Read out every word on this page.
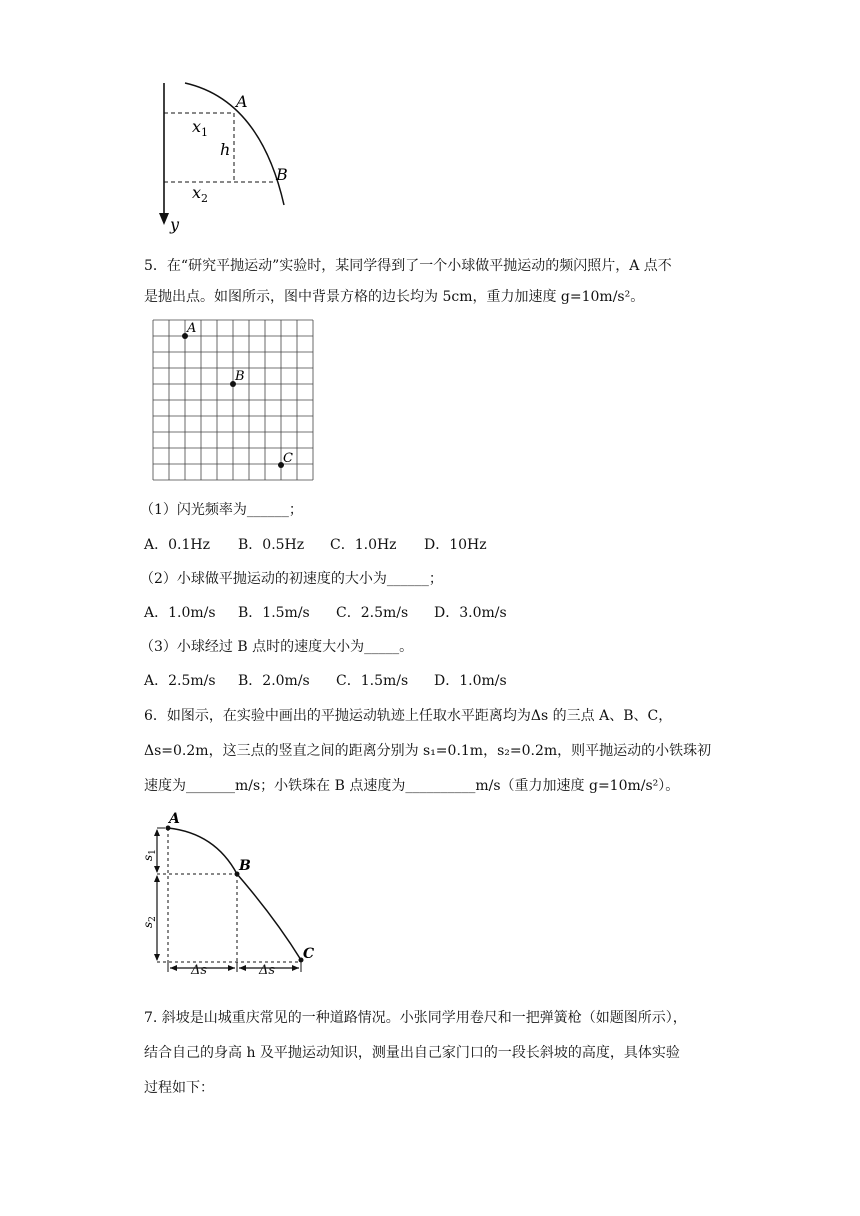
A
B
$x_1$
h
$x_2$
y
5．在“研究平抛运动”实验时，某同学得到了一个小球做平抛运动的频闪照片，A 点不
是抛出点。如图所示，图中背景方格的边长均为 5cm，重力加速度 g=10m/s²。
A
B
C
（1）闪光频率为______；
A．0.1Hz B．0.5Hz C．1.0Hz D．10Hz
（2）小球做平抛运动的初速度的大小为______；
A．1.0m/s B．1.5m/s C．2.5m/s D．3.0m/s
（3）小球经过 B 点时的速度大小为_____。
A．2.5m/s B．2.0m/s C．1.5m/s D．1.0m/s
6．如图示，在实验中画出的平抛运动轨迹上任取水平距离均为Δs 的三点 A、B、C，
Δs=0.2m，这三点的竖直之间的距离分别为 s₁=0.1m，s₂=0.2m，则平抛运动的小铁珠初
速度为_______m/s；小铁珠在 B 点速度为__________m/s（重力加速度 g=10m/s²）。
A
B
C
$s_1$
$s_2$
Δs	Δs
7. 斜坡是山城重庆常见的一种道路情况。小张同学用卷尺和一把弹簧枪（如题图所示），
结合自己的身高 h 及平抛运动知识，测量出自己家门口的一段长斜坡的高度，具体实验
过程如下：
